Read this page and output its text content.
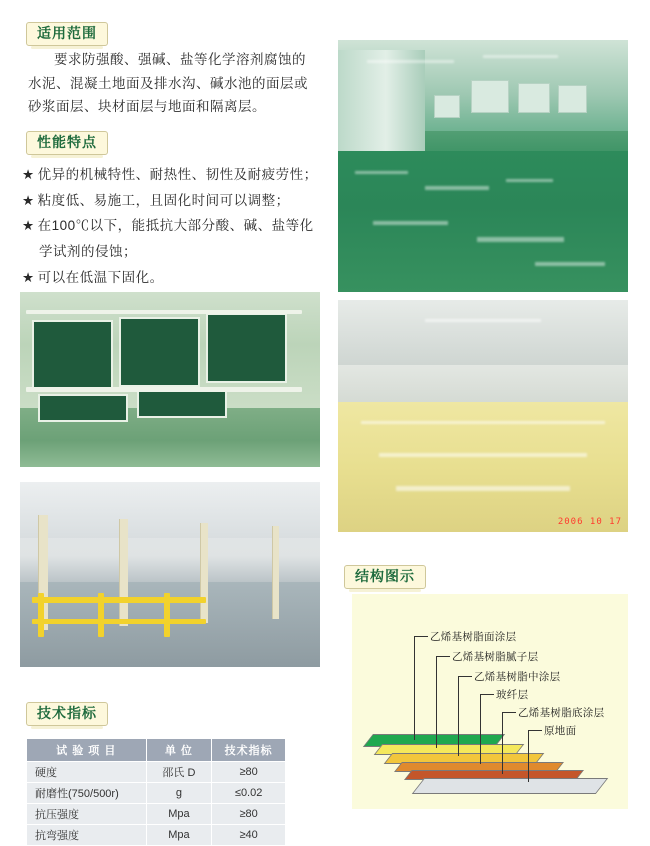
适用范围
要求防强酸、强碱、盐等化学溶剂腐蚀的水泥、混凝土地面及排水沟、碱水池的面层或砂浆面层、块材面层与地面和隔离层。
性能特点
★ 优异的机械特性、耐热性、韧性及耐疲劳性；
★ 粘度低、易施工，且固化时间可以调整；
★ 在100℃以下，能抵抗大部分酸、碱、盐等化
学试剂的侵蚀；
★ 可以在低温下固化。
2006 10 17
结构图示
乙烯基树脂面涂层
乙烯基树脂腻子层
乙烯基树脂中涂层
玻纤层
乙烯基树脂底涂层
原地面
技术指标
试 验 项 目	单 位	技术指标
硬度	邵氏 D	≥80
耐磨性(750/500r)	g	≤0.02
抗压强度	Mpa	≥80
抗弯强度	Mpa	≥40
